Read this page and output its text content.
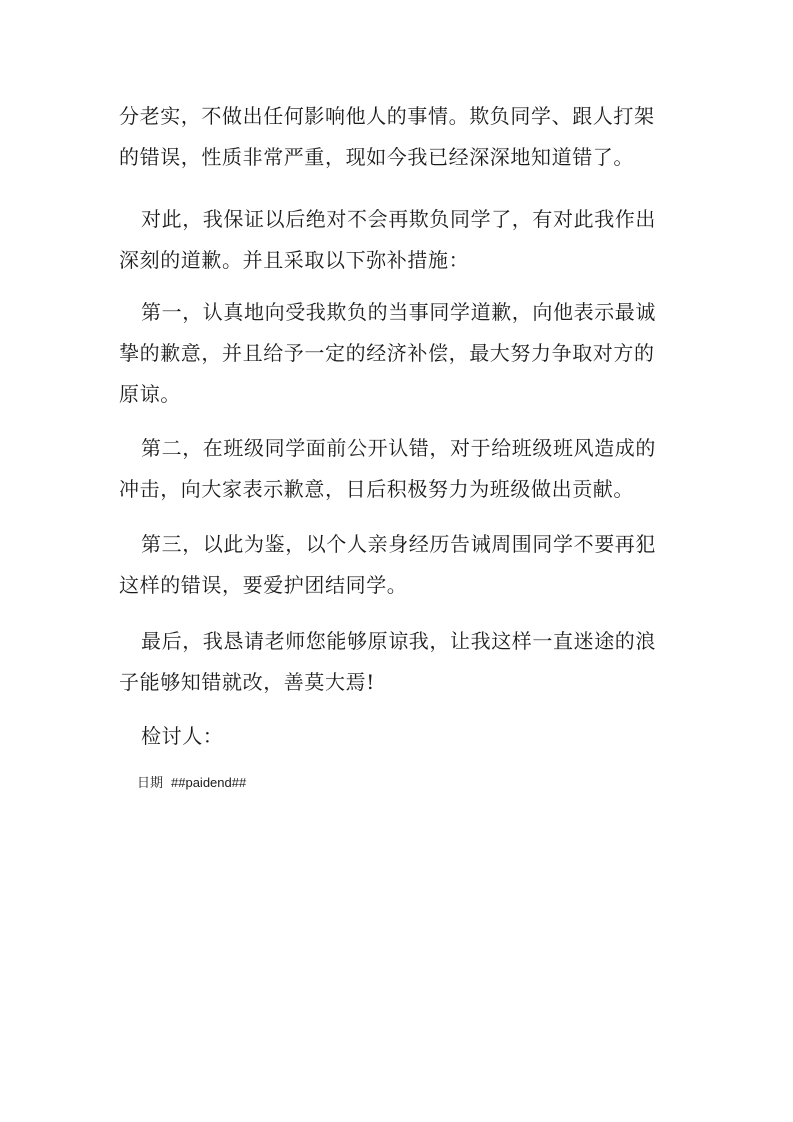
分老实，不做出任何影响他人的事情。欺负同学、跟人打架
的错误，性质非常严重，现如今我已经深深地知道错了。
对此，我保证以后绝对不会再欺负同学了，有对此我作出
深刻的道歉。并且采取以下弥补措施：
第一，认真地向受我欺负的当事同学道歉，向他表示最诚
挚的歉意，并且给予一定的经济补偿，最大努力争取对方的
原谅。
第二，在班级同学面前公开认错，对于给班级班风造成的
冲击，向大家表示歉意，日后积极努力为班级做出贡献。
第三，以此为鉴，以个人亲身经历告诫周围同学不要再犯
这样的错误，要爱护团结同学。
最后，我恳请老师您能够原谅我，让我这样一直迷途的浪
子能够知错就改，善莫大焉!
检讨人：
日期 ##paidend##
